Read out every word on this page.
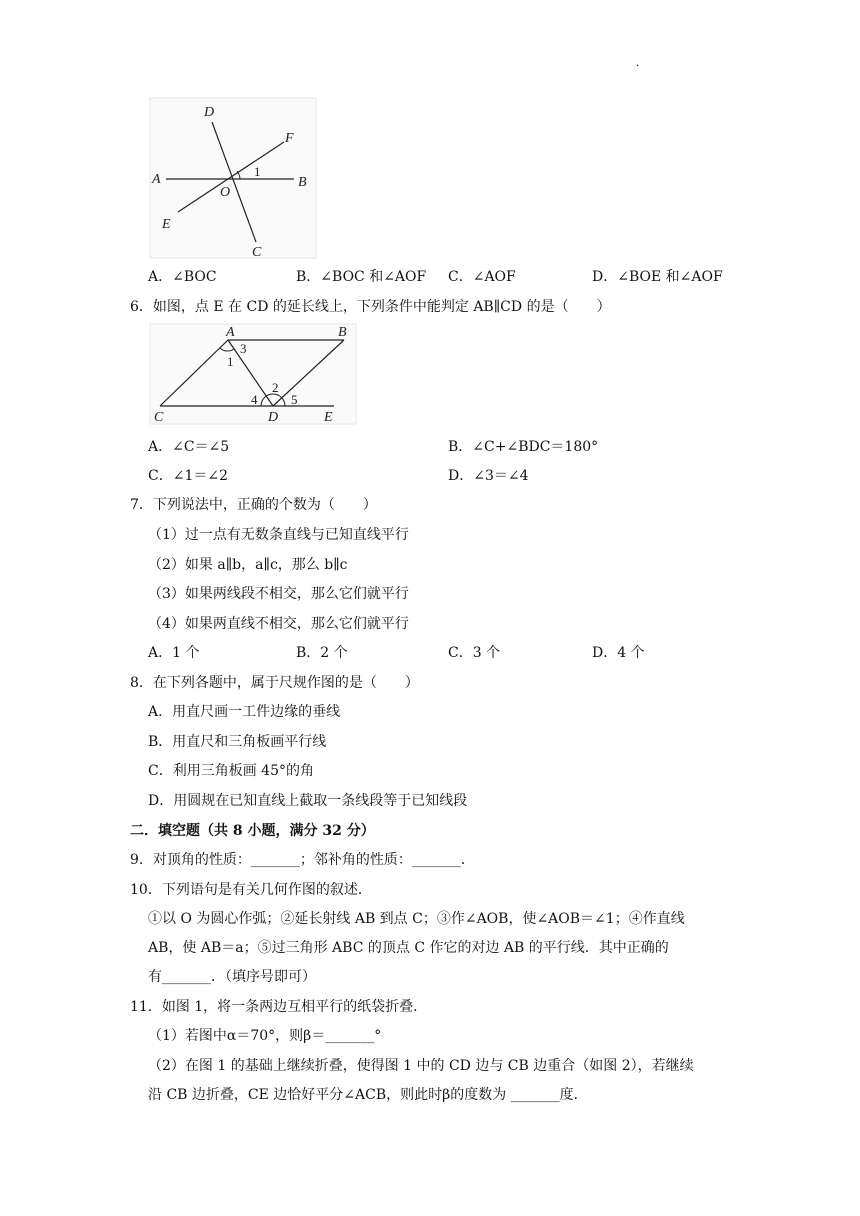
.
D
F
A	B
O
1
E
C
A．∠BOC	B．∠BOC 和∠AOF C．∠AOF	D．∠BOE 和∠AOF
6．如图，点 E 在 CD 的延长线上，下列条件中能判定 AB∥CD 的是（　　）
A	B
C	D	E
1
2
3
4	5
A．∠C＝∠5	B．∠C+∠BDC＝180°
C．∠1＝∠2	D．∠3＝∠4
7．下列说法中，正确的个数为（　　）
（1）过一点有无数条直线与已知直线平行
（2）如果 a∥b，a∥c，那么 b∥c
（3）如果两线段不相交，那么它们就平行
（4）如果两直线不相交，那么它们就平行
A．1 个	B．2 个	C．3 个	D．4 个
8．在下列各题中，属于尺规作图的是（　　）
A．用直尺画一工件边缘的垂线
B．用直尺和三角板画平行线
C．利用三角板画 45°的角
D．用圆规在已知直线上截取一条线段等于已知线段
二．填空题（共 8 小题，满分 32 分）
9．对顶角的性质：_______；邻补角的性质：_______．
10．下列语句是有关几何作图的叙述．
①以 O 为圆心作弧；②延长射线 AB 到点 C；③作∠AOB，使∠AOB＝∠1；④作直线
AB，使 AB＝a；⑤过三角形 ABC 的顶点 C 作它的对边 AB 的平行线．其中正确的
有_______．（填序号即可）
11．如图 1，将一条两边互相平行的纸袋折叠．
（1）若图中α＝70°，则β＝_______°
（2）在图 1 的基础上继续折叠，使得图 1 中的 CD 边与 CB 边重合（如图 2），若继续
沿 CB 边折叠，CE 边恰好平分∠ACB，则此时β的度数为 _______度．
